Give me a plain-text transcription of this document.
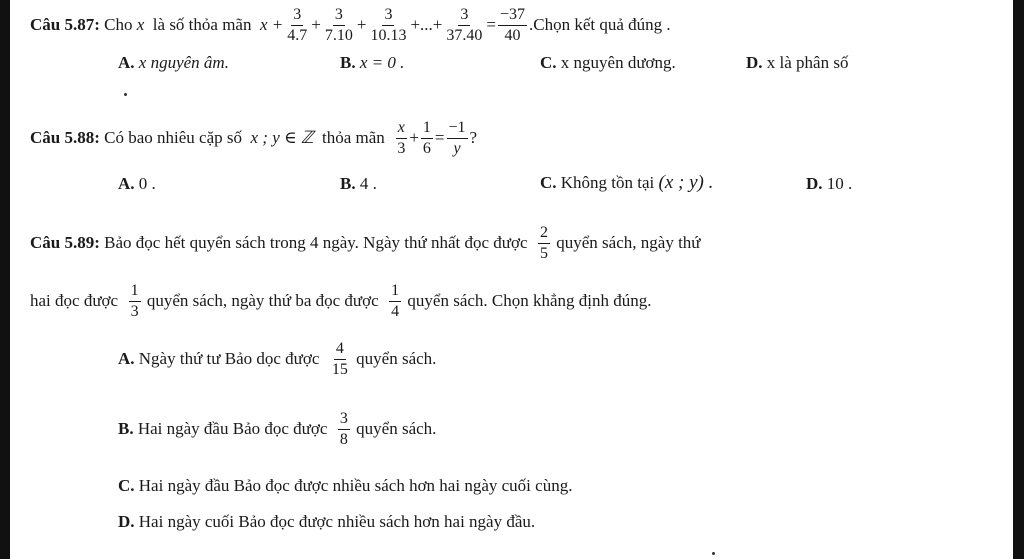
Câu 5.87:
Cho
x
là số thỏa mãn
$x + \frac{3}{4.7} + \frac{3}{7.10} + \frac{3}{10.13}$ + ... + $\frac{3}{37.40} = \frac{-37}{40}$ .Chọn kết quả đúng .
A. x nguyên âm.	B. x = 0 .	C. x nguyên dương.	D. x là phân số
Câu 5.88:
Có bao nhiêu cặp số
x ; y ∈ ℤ
thỏa mãn
$\frac{x}{3} + \frac{1}{6} = \frac{-1}{y}$ ?
A. 0 .	B. 4 .	C. Không tồn tại (x ; y) .	D. 10 .
Câu 5.89:
Bảo đọc hết quyển sách trong 4 ngày. Ngày thứ nhất đọc được
$\frac{2}{5}$
quyển sách, ngày thứ
hai đọc được
$\frac{1}{3}$
quyển sách, ngày thứ ba đọc được
$\frac{1}{4}$
quyển sách. Chọn khẳng định đúng.
A.
Ngày thứ tư Bảo dọc được
$\frac{4}{15}$
quyển sách.
B.
Hai ngày đầu Bảo đọc được
$\frac{3}{8}$
quyển sách.
C. Hai ngày đầu Bảo đọc được nhiều sách hơn hai ngày cuối cùng.
D. Hai ngày cuối Bảo đọc được nhiều sách hơn hai ngày đầu.
